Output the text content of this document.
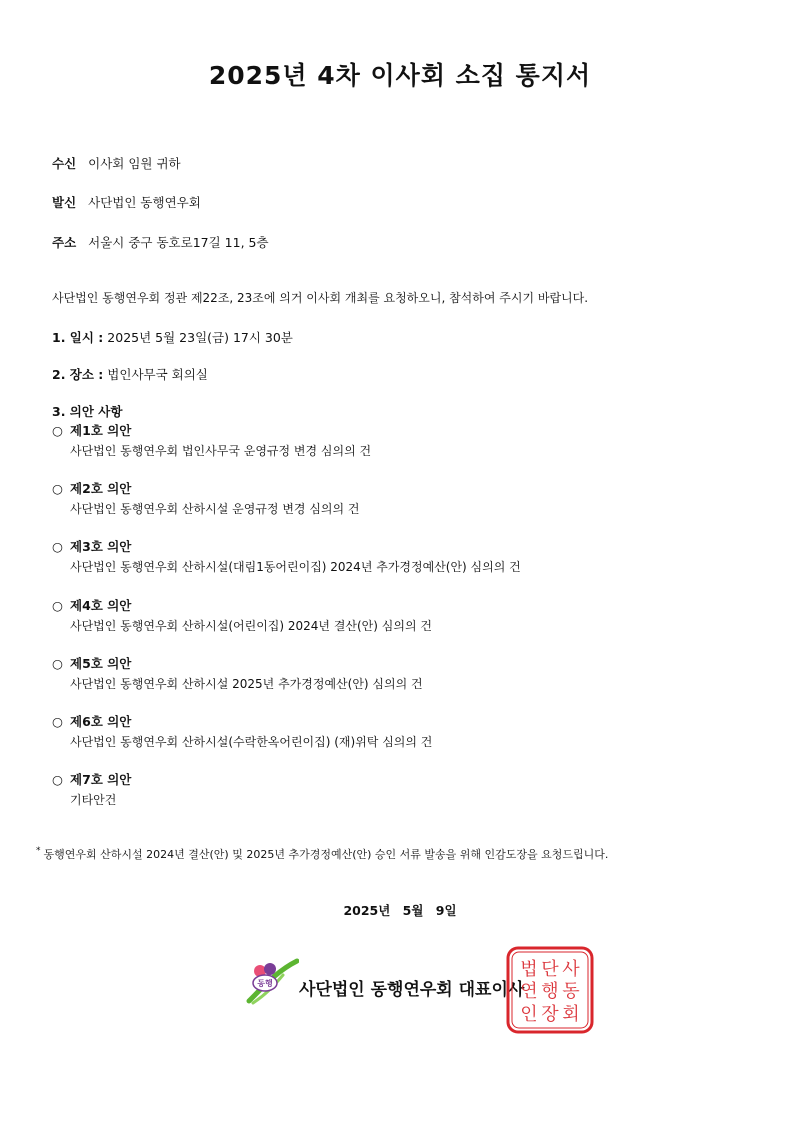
2025년 4차 이사회 소집 통지서
수신 이사회 임원 귀하
발신 사단법인 동행연우회
주소 서울시 중구 동호로17길 11, 5층
사단법인 동행연우회 정관 제22조, 23조에 의거 이사회 개최를 요청하오니, 참석하여 주시기 바랍니다.
1. 일시 : 2025년 5월 23일(금) 17시 30분
2. 장소 : 법인사무국 회의실
3. 의안 사항
○ 제1호 의안
사단법인 동행연우회 법인사무국 운영규정 변경 심의의 건
○ 제2호 의안
사단법인 동행연우회 산하시설 운영규정 변경 심의의 건
○ 제3호 의안
사단법인 동행연우회 산하시설(대림1동어린이집) 2024년 추가경정예산(안) 심의의 건
○ 제4호 의안
사단법인 동행연우회 산하시설(어린이집) 2024년 결산(안) 심의의 건
○ 제5호 의안
사단법인 동행연우회 산하시설 2025년 추가경정예산(안) 심의의 건
○ 제6호 의안
사단법인 동행연우회 산하시설(수락한옥어린이집) (재)위탁 심의의 건
○ 제7호 의안
기타안건
* 동행연우회 산하시설 2024년 결산(안) 및 2025년 추가경정예산(안) 승인 서류 발송을 위해 인감도장을 요청드립니다.
2025년 5월 9일
동행 사단법인 동행연우회 대표이사
법 단 사
연 행 동
인 장 회
